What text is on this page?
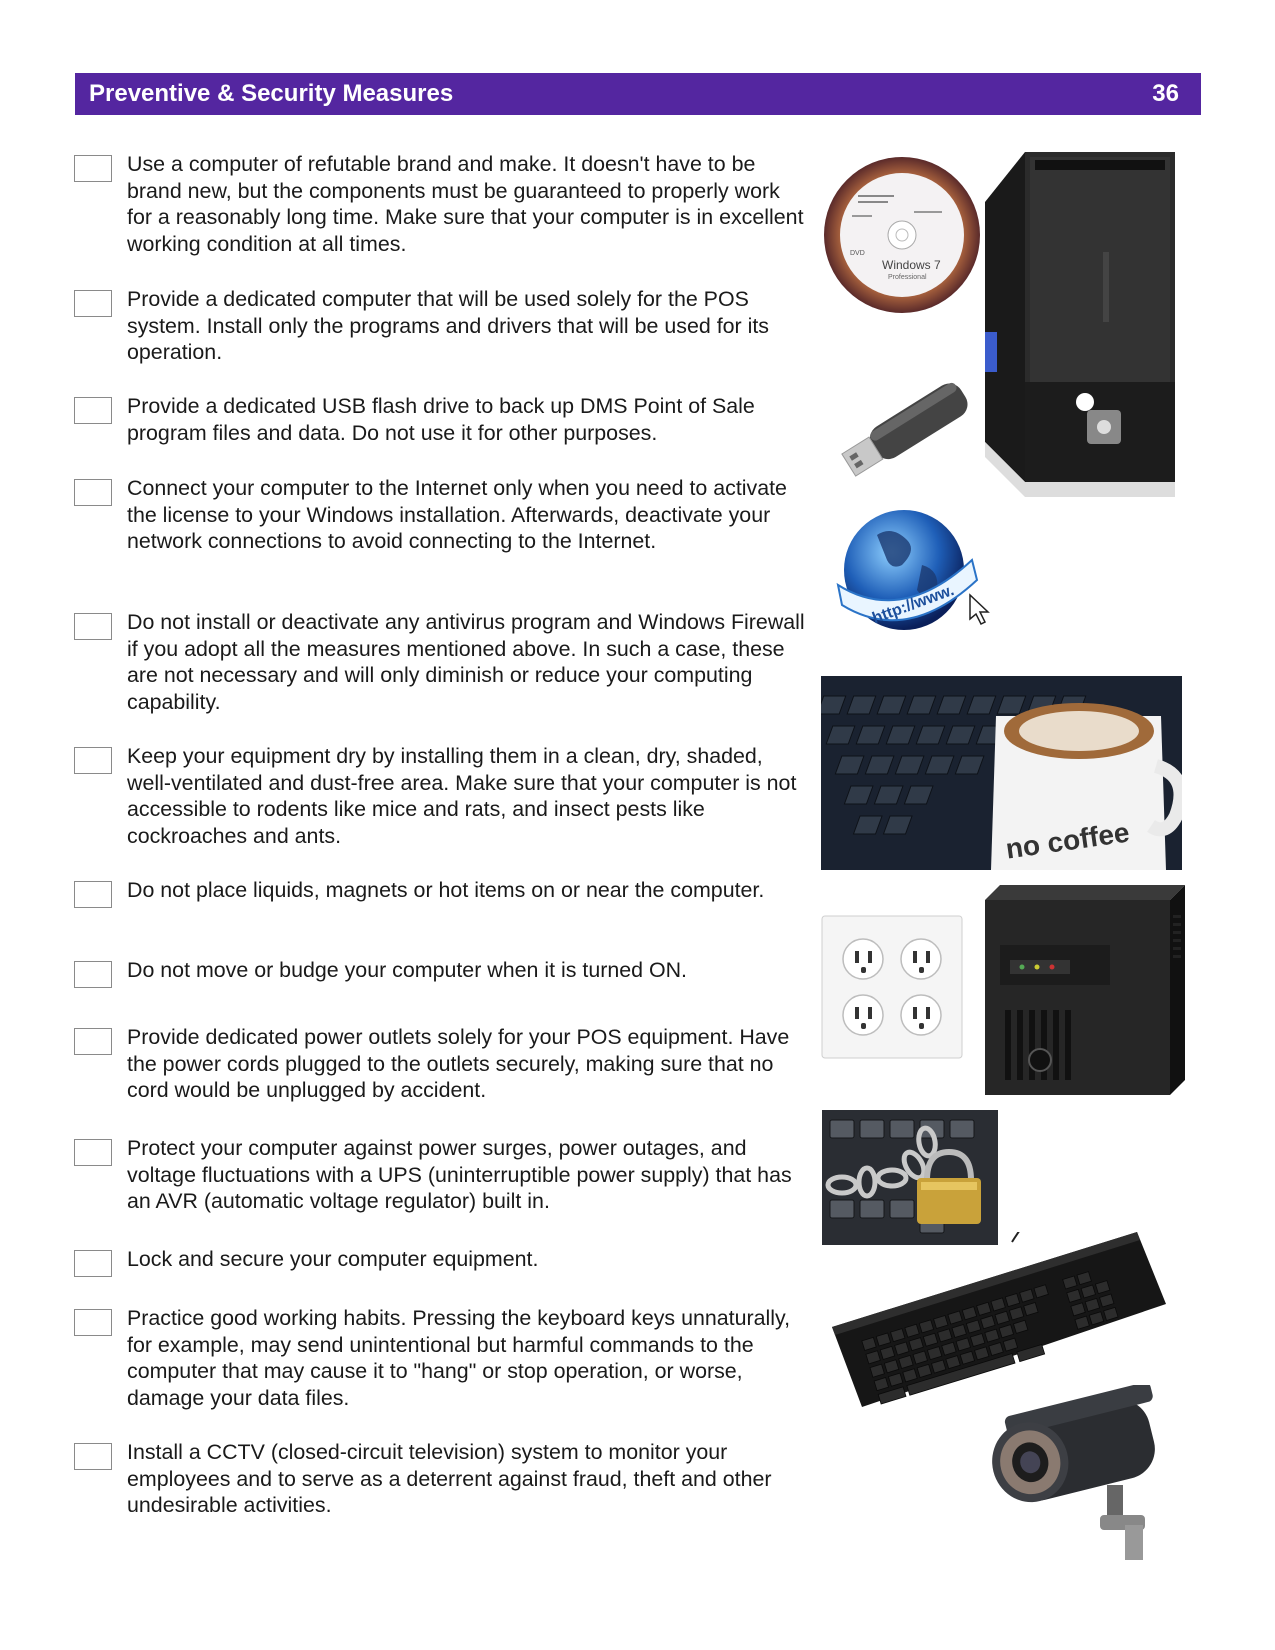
Preventive & Security Measures	36
Use a computer of refutable brand and make. It doesn't have to be brand new, but the components must be guaranteed to properly work for a reasonably long time. Make sure that your computer is in excellent working condition at all times.
Provide a dedicated computer that will be used solely for the POS system. Install only the programs and drivers that will be used for its operation.
Provide a dedicated USB flash drive to back up DMS Point of Sale program files and data. Do not use it for other purposes.
Connect your computer to the Internet only when you need to activate the license to your Windows installation. Afterwards, deactivate your network connections to avoid connecting to the Internet.
Do not install or deactivate any antivirus program and Windows Firewall if you adopt all the measures mentioned above. In such a case, these are not necessary and will only diminish or reduce your computing capability.
Keep your equipment dry by installing them in a clean, dry, shaded, well-ventilated and dust-free area. Make sure that your computer is not accessible to rodents like mice and rats, and insect pests like cockroaches and ants.
Do not place liquids, magnets or hot items on or near the computer.
Do not move or budge your computer when it is turned ON.
Provide dedicated power outlets solely for your POS equipment. Have the power cords plugged to the outlets securely, making sure that no cord would be unplugged by accident.
Protect your computer against power surges, power outages, and voltage fluctuations with a UPS (uninterruptible power supply) that has an AVR (automatic voltage regulator) built in.
Lock and secure your computer equipment.
Practice good working habits. Pressing the keyboard keys unnaturally, for example, may send unintentional but harmful commands to the computer that may cause it to "hang" or stop operation, or worse, damage your data files.
Install a CCTV (closed-circuit television) system to monitor your employees and to serve as a deterrent against fraud, theft and other undesirable activities.
DVD
Windows 7
Professional
http://www.
no coffee
